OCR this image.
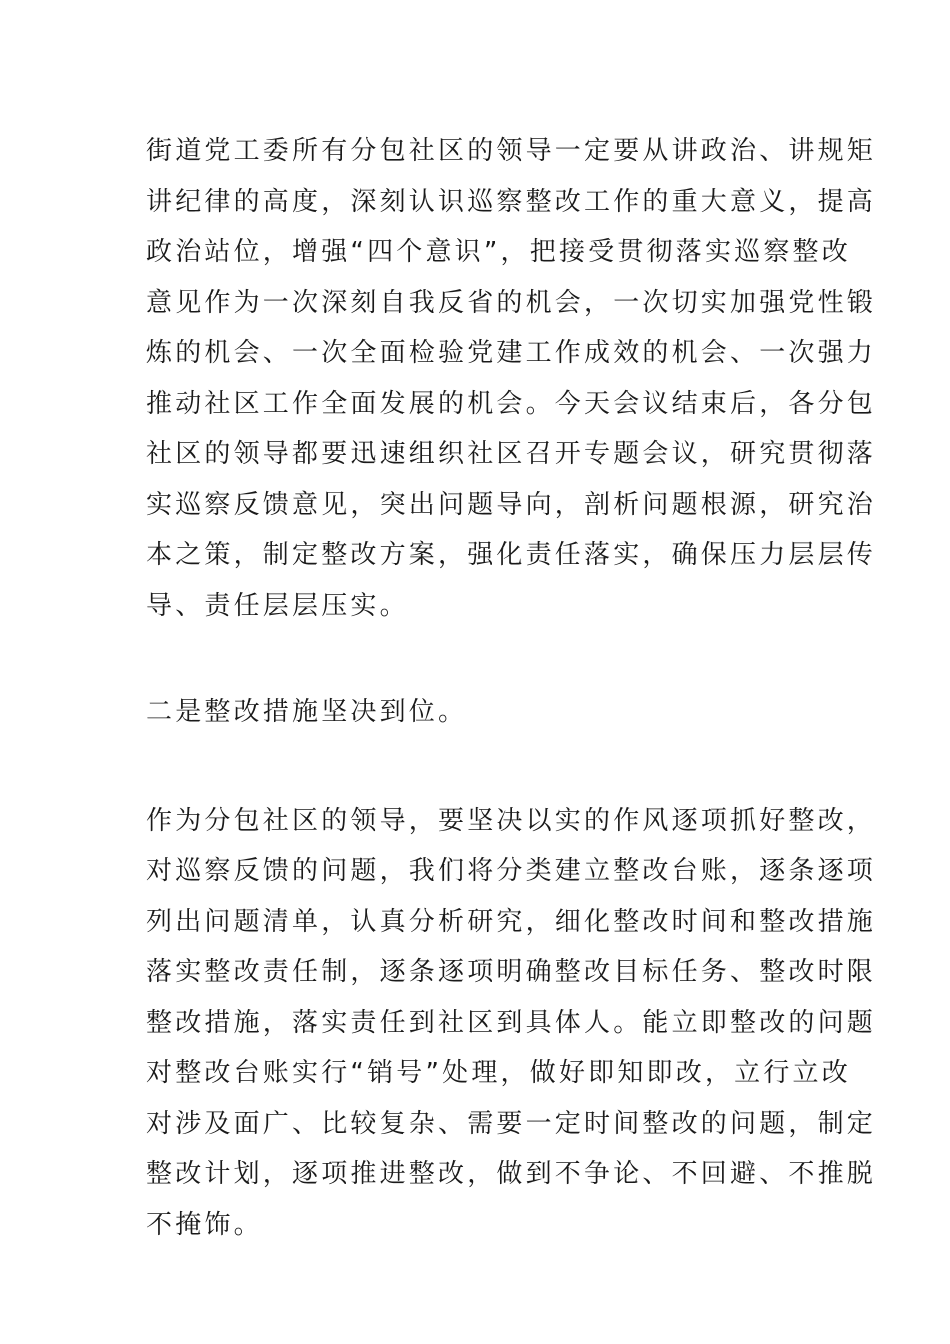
街道党工委所有分包社区的领导一定要从讲政治、讲规矩
讲纪律的高度，深刻认识巡察整改工作的重大意义，提高
政治站位，增强“四个意识”，把接受贯彻落实巡察整改
意见作为一次深刻自我反省的机会，一次切实加强党性锻
炼的机会、一次全面检验党建工作成效的机会、一次强力
推动社区工作全面发展的机会。今天会议结束后，各分包
社区的领导都要迅速组织社区召开专题会议，研究贯彻落
实巡察反馈意见，突出问题导向，剖析问题根源，研究治
本之策，制定整改方案，强化责任落实，确保压力层层传
导、责任层层压实。
二是整改措施坚决到位。
作为分包社区的领导，要坚决以实的作风逐项抓好整改，
对巡察反馈的问题，我们将分类建立整改台账，逐条逐项
列出问题清单，认真分析研究，细化整改时间和整改措施
落实整改责任制，逐条逐项明确整改目标任务、整改时限
整改措施，落实责任到社区到具体人。能立即整改的问题
对整改台账实行“销号”处理，做好即知即改，立行立改
对涉及面广、比较复杂、需要一定时间整改的问题，制定
整改计划，逐项推进整改，做到不争论、不回避、不推脱
不掩饰。
